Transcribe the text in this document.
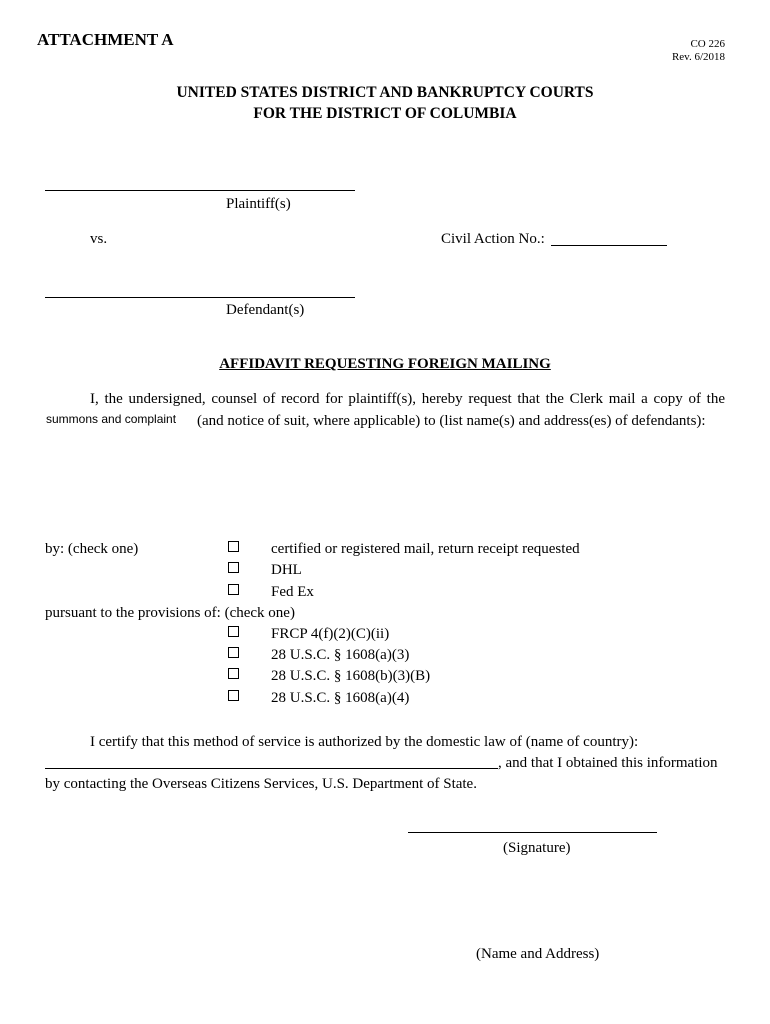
ATTACHMENT A	CO 226
Rev. 6/2018
UNITED STATES DISTRICT AND BANKRUPTCY COURTS
FOR THE DISTRICT OF COLUMBIA
Plaintiff(s)
vs.	Civil Action No.:
Defendant(s)
AFFIDAVIT REQUESTING FOREIGN MAILING
I, the undersigned, counsel of record for plaintiff(s), hereby request that the Clerk mail a copy of the
summons and complaint (and notice of suit, where applicable) to (list name(s) and address(es) of defendants):
by: (check one)	certified or registered mail, return receipt requested
DHL
Fed Ex
pursuant to the provisions of: (check one)
FRCP 4(f)(2)(C)(ii)
28 U.S.C. § 1608(a)(3)
28 U.S.C. § 1608(b)(3)(B)
28 U.S.C. § 1608(a)(4)
I certify that this method of service is authorized by the domestic law of (name of country):
, and that I obtained this information
by contacting the Overseas Citizens Services, U.S. Department of State.
(Signature)
(Name and Address)
